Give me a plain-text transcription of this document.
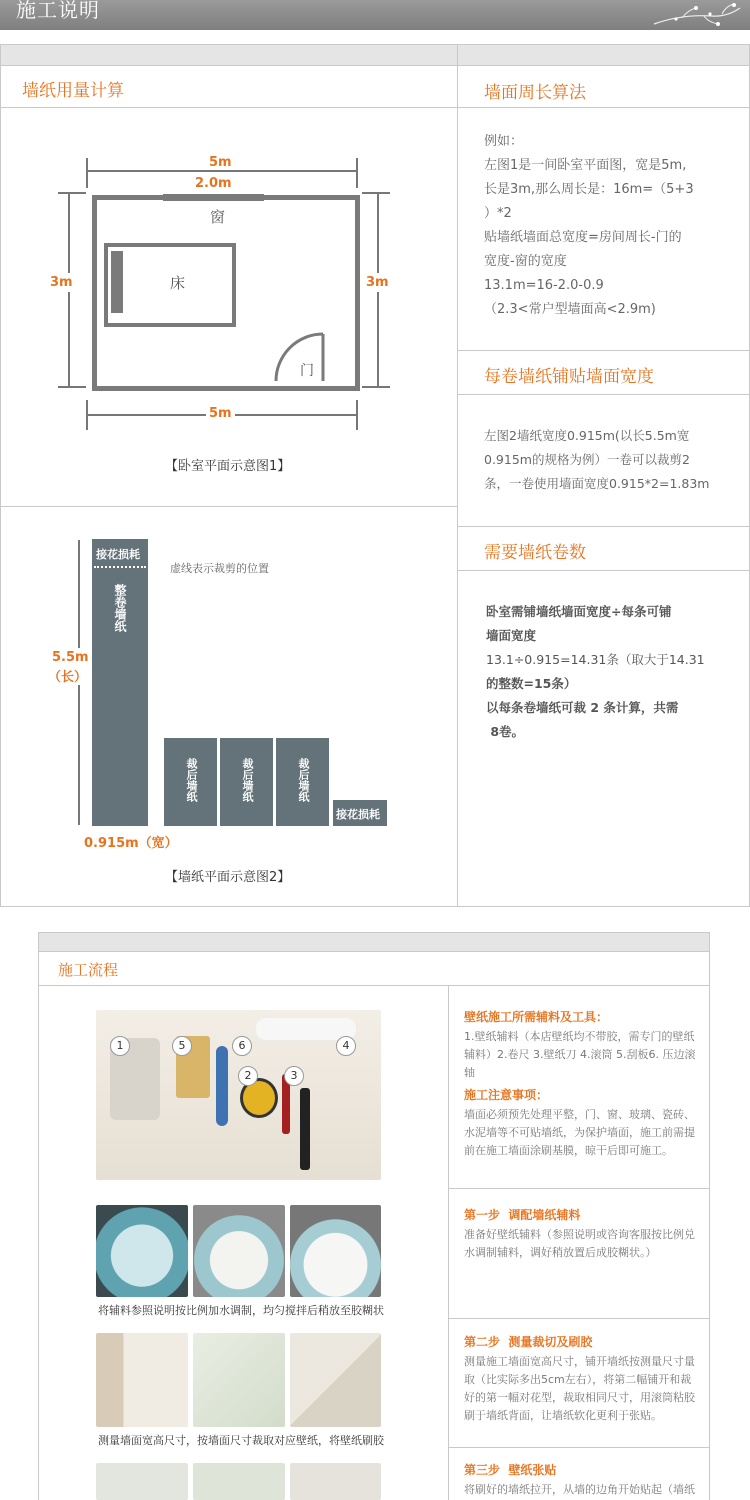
施工说明
墙纸用量计算	墙面周长算法
5m
2.0m
窗
床
3m	3m
门
5m
【卧室平面示意图1】
接花损耗
整卷墙纸
虚线表示裁剪的位置
5.5m
（长）
裁后墙纸	裁后墙纸	裁后墙纸
接花损耗
0.915m（宽）
【墙纸平面示意图2】
例如：
左图1是一间卧室平面图，宽是5m,
长是3m,那么周长是：16m=（5+3
）*2
贴墙纸墙面总宽度=房间周长-门的
宽度-窗的宽度
13.1m=16-2.0-0.9
（2.3<常户型墙面高<2.9m)
每卷墙纸铺贴墙面宽度
左图2墙纸宽度0.915m(以长5.5m宽
0.915m的规格为例）一卷可以裁剪2
条，一卷使用墙面宽度0.915*2=1.83m
需要墙纸卷数
卧室需铺墙纸墙面宽度÷每条可铺
墙面宽度
13.1÷0.915=14.31条（取大于14.31
的整数=15条）
以每条卷墙纸可裁 2 条计算，共需
8卷。
施工流程
1	5	6	4
2	3
将辅料参照说明按比例加水调制，均匀搅拌后稍放至胶糊状
测量墙面宽高尺寸，按墙面尺寸裁取对应壁纸，将壁纸刷胶
壁纸施工所需辅料及工具：
1.壁纸辅料（本店壁纸均不带胶，需专门的壁纸
辅料）2.卷尺 3.壁纸刀 4.滚筒 5.刮板6. 压边滚轴
施工注意事项：
墙面必须预先处理平整，门、窗、玻璃、瓷砖、
水泥墙等不可贴墙纸，为保护墙面，施工前需提
前在施工墙面涂刷基膜，晾干后即可施工。
第一步  调配墙纸辅料
准备好壁纸辅料（参照说明或咨询客服按比例兑
水调制辅料，调好稍放置后成胶糊状。）
第二步  测量裁切及刷胶
测量施工墙面宽高尺寸，铺开墙纸按测量尺寸量
取（比实际多出5cm左右），将第二幅铺开和裁
好的第一幅对花型，裁取相同尺寸，用滚筒粘胶
刷于墙纸背面，让墙纸软化更利于张贴。
第三步  壁纸张贴
将刷好的墙纸拉开，从墙的边角开始贴起（墙纸
